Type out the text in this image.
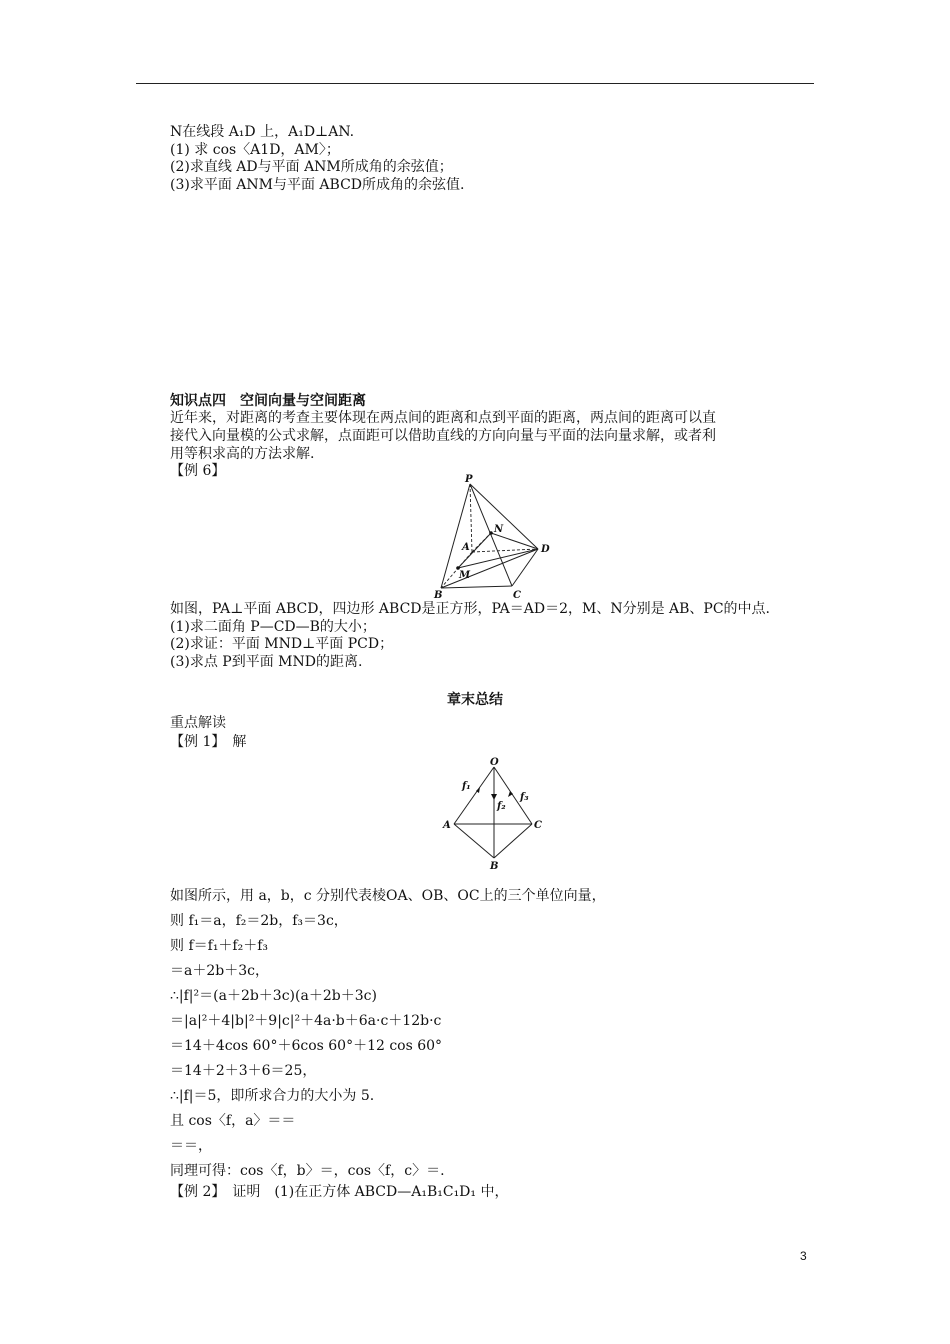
N在线段 A₁D 上，A₁D⊥AN.
(1) 求 cos〈A1D，AM〉；
(2)求直线 AD与平面 ANM所成角的余弦值；
(3)求平面 ANM与平面 ABCD所成角的余弦值.
知识点四　空间向量与空间距离
近年来，对距离的考查主要体现在两点间的距离和点到平面的距离，两点间的距离可以直
接代入向量模的公式求解，点面距可以借助直线的方向向量与平面的法向量求解，或者利
用等积求高的方法求解.
【例 6】
P
N
A	D
M
B	C
如图，PA⊥平面 ABCD，四边形 ABCD是正方形，PA＝AD＝2，M、N分别是 AB、PC的中点.
(1)求二面角 P—CD—B的大小；
(2)求证：平面 MND⊥平面 PCD；
(3)求点 P到平面 MND的距离.
章末总结
重点解读
【例 1】　解
O
f₁
f₂
f₃
A	C
B
如图所示，用 a，b，c 分别代表棱OA、OB、OC上的三个单位向量，
则 f₁＝a，f₂＝2b，f₃＝3c，
则 f＝f₁＋f₂＋f₃
＝a＋2b＋3c，
∴|f|²＝(a＋2b＋3c)(a＋2b＋3c)
＝|a|²＋4|b|²＋9|c|²＋4a·b＋6a·c＋12b·c
＝14＋4cos 60°＋6cos 60°＋12 cos 60°
＝14＋2＋3＋6＝25，
∴|f|＝5，即所求合力的大小为 5.
且 cos〈f，a〉＝＝
＝＝，
同理可得：cos〈f，b〉＝，cos〈f，c〉＝.
【例 2】　证明　(1)在正方体 ABCD—A₁B₁C₁D₁ 中，
3
